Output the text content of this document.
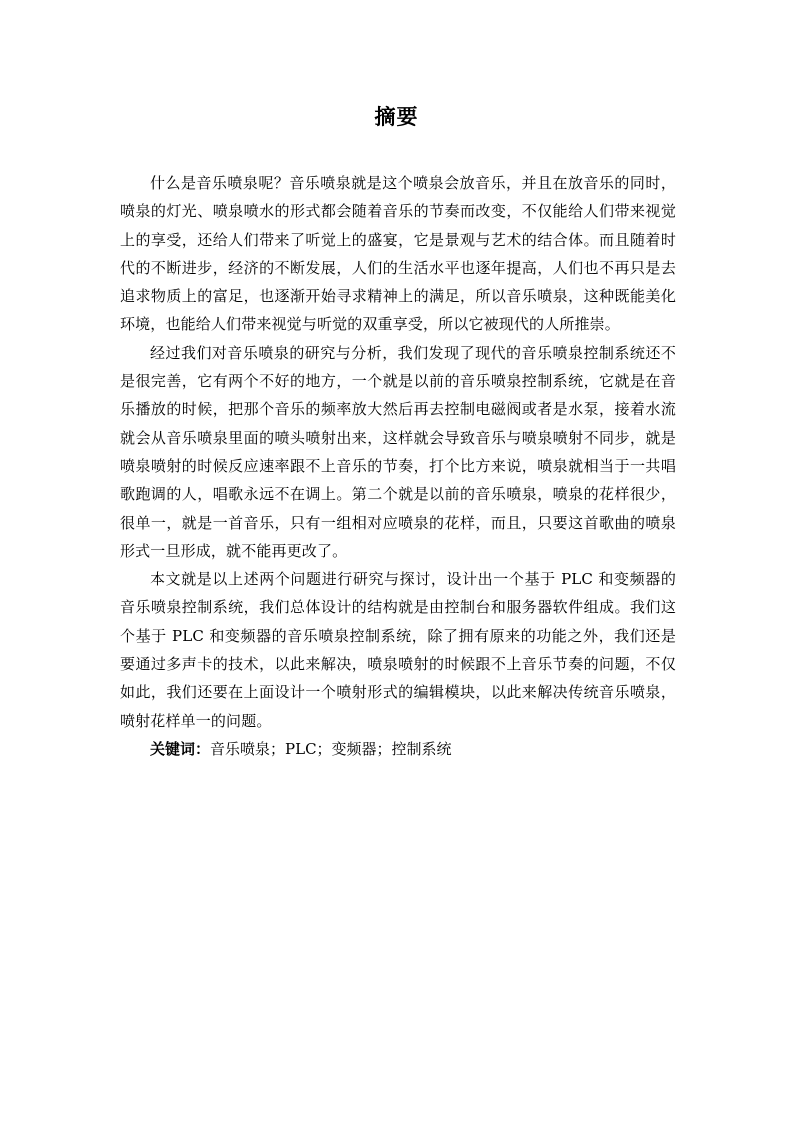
摘要

什么是音乐喷泉呢？音乐喷泉就是这个喷泉会放音乐，并且在放音乐的同时，喷泉的灯光、喷泉喷水的形式都会随着音乐的节奏而改变，不仅能给人们带来视觉上的享受，还给人们带来了听觉上的盛宴，它是景观与艺术的结合体。而且随着时代的不断进步，经济的不断发展，人们的生活水平也逐年提高，人们也不再只是去追求物质上的富足，也逐渐开始寻求精神上的满足，所以音乐喷泉，这种既能美化环境，也能给人们带来视觉与听觉的双重享受，所以它被现代的人所推崇。

经过我们对音乐喷泉的研究与分析，我们发现了现代的音乐喷泉控制系统还不是很完善，它有两个不好的地方，一个就是以前的音乐喷泉控制系统，它就是在音乐播放的时候，把那个音乐的频率放大然后再去控制电磁阀或者是水泵，接着水流就会从音乐喷泉里面的喷头喷射出来，这样就会导致音乐与喷泉喷射不同步，就是喷泉喷射的时候反应速率跟不上音乐的节奏，打个比方来说，喷泉就相当于一共唱歌跑调的人，唱歌永远不在调上。第二个就是以前的音乐喷泉，喷泉的花样很少，很单一，就是一首音乐，只有一组相对应喷泉的花样，而且，只要这首歌曲的喷泉形式一旦形成，就不能再更改了。

本文就是以上述两个问题进行研究与探讨，设计出一个基于 PLC 和变频器的音乐喷泉控制系统，我们总体设计的结构就是由控制台和服务器软件组成。我们这个基于 PLC 和变频器的音乐喷泉控制系统，除了拥有原来的功能之外，我们还是要通过多声卡的技术，以此来解决，喷泉喷射的时候跟不上音乐节奏的问题，不仅如此，我们还要在上面设计一个喷射形式的编辑模块，以此来解决传统音乐喷泉，喷射花样单一的问题。

关键词：音乐喷泉；PLC；变频器；控制系统
